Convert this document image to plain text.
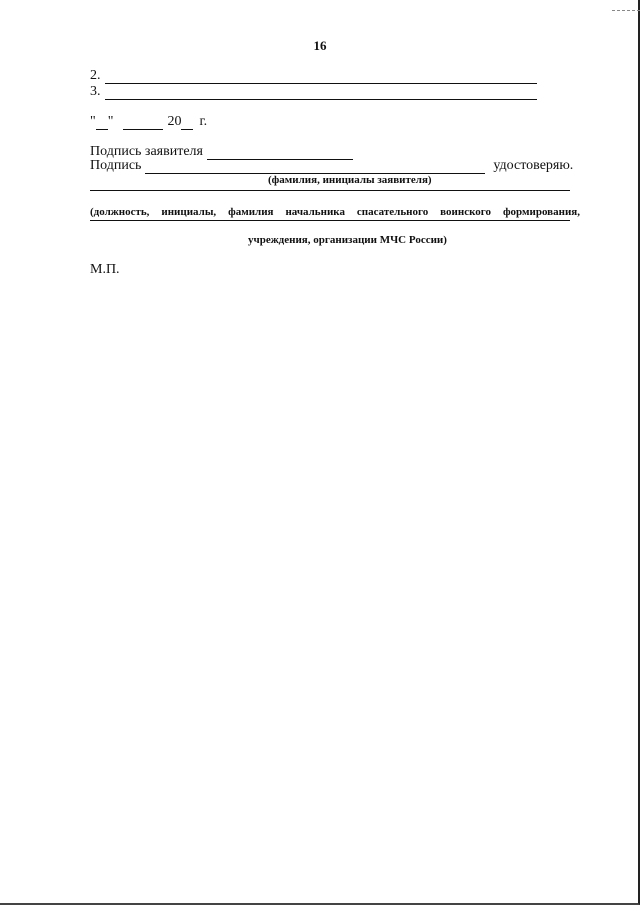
16
2.
3.
" "	20 г.
Подпись заявителя
Подпись	удостоверяю.
(фамилия, инициалы заявителя)
(должность, инициалы, фамилия начальника спасательного воинского формирования,
учреждения, организации МЧС России)
М.П.
